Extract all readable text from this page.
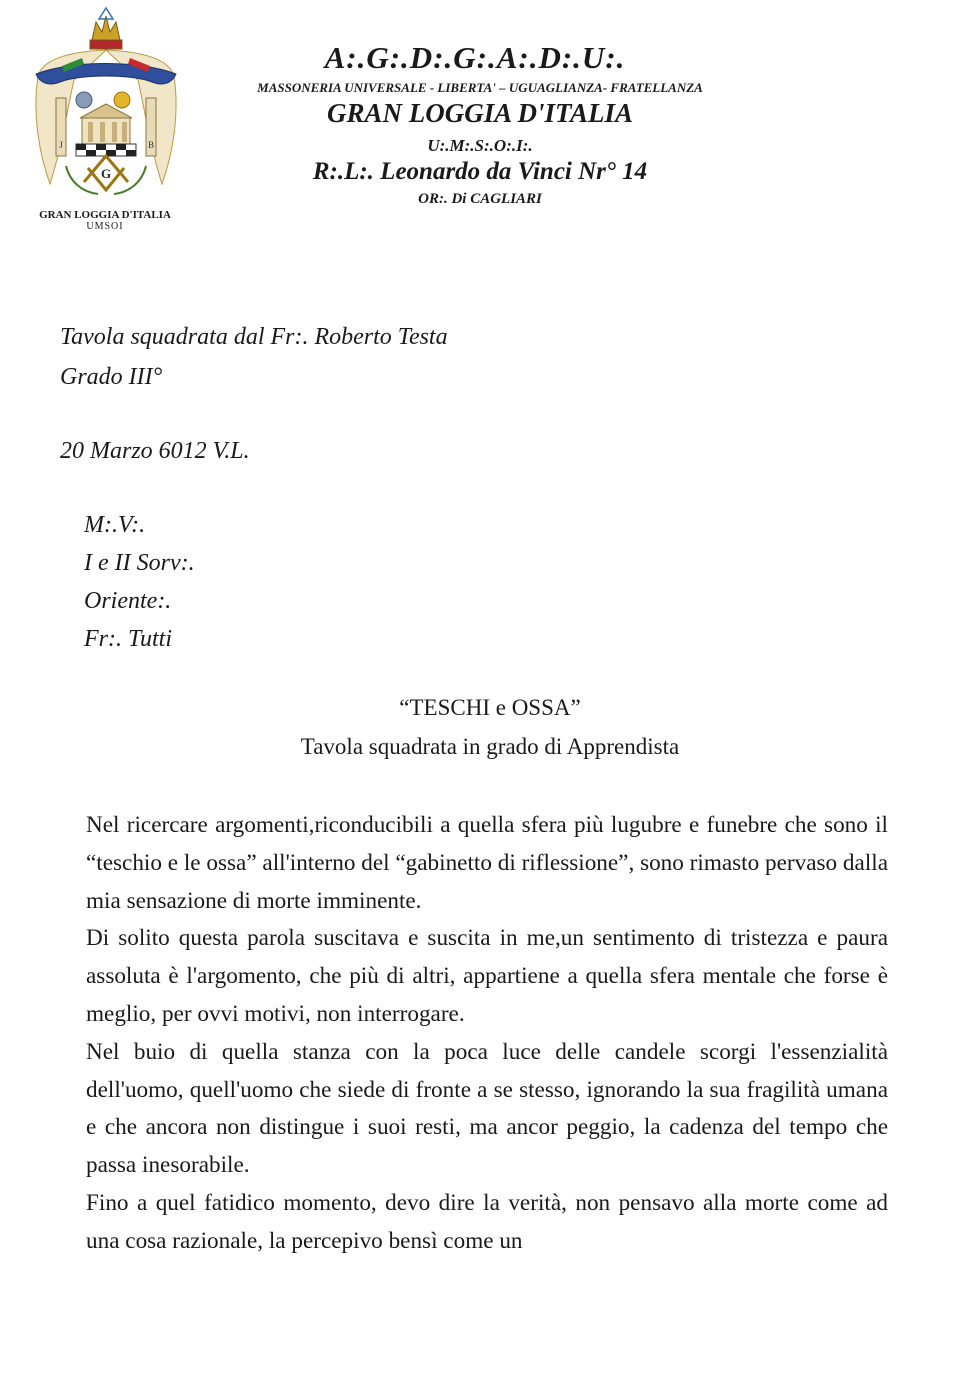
J	B
G
GRAN LOGGIA D'ITALIA
UMSOI
A:.G:.D:.G:.A:.D:.U:.
MASSONERIA UNIVERSALE - LIBERTA' – UGUAGLIANZA- FRATELLANZA
GRAN LOGGIA D'ITALIA
U:.M:.S:.O:.I:.
R:.L:. Leonardo da Vinci Nr° 14
OR:. Di CAGLIARI
Tavola squadrata dal Fr:. Roberto Testa
Grado III°
20 Marzo 6012 V.L.
M:.V:.
I e II Sorv:.
Oriente:.
Fr:. Tutti
“TESCHI e OSSA”
Tavola squadrata in grado di Apprendista

Nel ricercare argomenti,riconducibili a quella sfera più lugubre e funebre che sono il “teschio e le ossa” all'interno del “gabinetto di riflessione”, sono rimasto pervaso dalla mia sensazione di morte imminente.

Di solito questa parola suscitava e suscita in me,un sentimento di tristezza e paura assoluta è l'argomento, che più di altri, appartiene a quella sfera mentale che forse è meglio, per ovvi motivi, non interrogare.

Nel buio di quella stanza con la poca luce delle candele scorgi l'essenzialità dell'uomo, quell'uomo che siede di fronte a se stesso, ignorando la sua fragilità umana e che ancora non distingue i suoi resti, ma ancor peggio, la cadenza del tempo che passa inesorabile.

Fino a quel fatidico momento, devo dire la verità, non pensavo alla morte come ad una cosa razionale, la percepivo bensì come un
